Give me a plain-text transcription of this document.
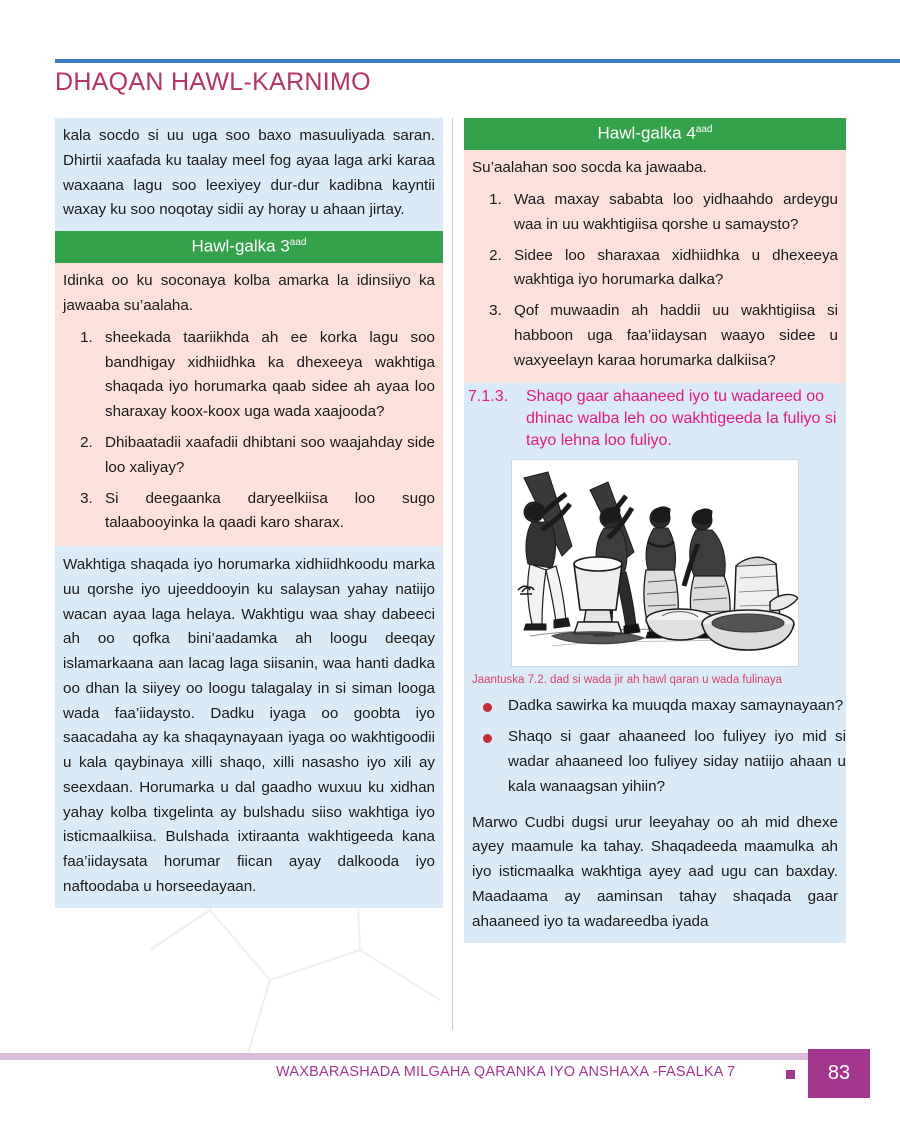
DHAQAN HAWL-KARNIMO

kala socdo si uu uga soo baxo masuuliyada saran. Dhirtii xaafada ku taalay meel fog ayaa laga arki karaa waxaana lagu soo leexiyey dur-dur kadibna kayntii waxay ku soo noqotay sidii ay horay u ahaan jirtay.

Hawl-galka $3^{aad}$

Idinka oo ku soconaya kolba amarka la idinsiiyo ka jawaaba su’aalaha.

1. sheekada taariikhda ah ee korka lagu soo bandhigay xidhiidhka ka dhexeeya wakhtiga shaqada iyo horumarka qaab sidee ah ayaa loo sharaxay koox-koox uga wada xaajooda?
2. Dhibaatadii xaafadii dhibtani soo waajahday side loo xaliyay?
3. Si deegaanka daryeelkiisa loo sugo talaabooyinka la qaadi karo sharax.

Wakhtiga shaqada iyo horumarka xidhiidhkoodu marka uu qorshe iyo ujeeddooyin ku salaysan yahay natiijo wacan ayaa laga helaya. Wakhtigu waa shay dabeeci ah oo qofka bini’aadamka ah loogu deeqay islamarkaana aan lacag laga siisanin, waa hanti dadka oo dhan la siiyey oo loogu talagalay in si siman looga wada faa’iidaysto. Dadku iyaga oo goobta iyo saacadaha ay ka shaqaynayaan iyaga oo wakhtigoodii u kala qaybinaya xilli shaqo, xilli nasasho iyo xili ay seexdaan. Horumarka u dal gaadho wuxuu ku xidhan yahay kolba tixgelinta ay bulshadu siiso wakhtiga iyo isticmaalkiisa. Bulshada ixtiraanta wakhtigeeda kana faa’iidaysata horumar fiican ayay dalkooda iyo naftoodaba u horseedayaan.

Hawl-galka $4^{aad}$

Su’aalahan soo socda ka jawaaba.

1. Waa maxay sababta loo yidhaahdo ardeygu waa in uu wakhtigiisa qorshe u samaysto?
2. Sidee loo sharaxaa xidhiidhka u dhexeeya wakhtiga iyo horumarka dalka?
3. Qof muwaadin ah haddii uu wakhtigiisa si habboon uga faa’iidaysan waayo sidee u waxyeelayn karaa horumarka dalkiisa?
7.1.3.	Shaqo gaar ahaaneed iyo tu wadareed oo dhinac walba leh oo wakhtigeeda la fuliyo si tayo lehna loo fuliyo.
Jaantuska 7.2. dad si wada jir ah hawl qaran u wada fulinaya
Dadka sawirka ka muuqda maxay samaynayaan?
Shaqo si gaar ahaaneed loo fuliyey iyo mid si wadar ahaaneed loo fuliyey siday natiijo ahaan u kala wanaagsan yihiin?

Marwo Cudbi dugsi urur leeyahay oo ah mid dhexe ayey maamule ka tahay. Shaqadeeda maamulka ah iyo isticmaalka wakhtiga ayey aad ugu can baxday. Maadaama ay aaminsan tahay shaqada gaar ahaaneed iyo ta wadareedba iyada

WAXBARASHADA MILGAHA QARANKA IYO ANSHAXA -FASALKA 7	83
